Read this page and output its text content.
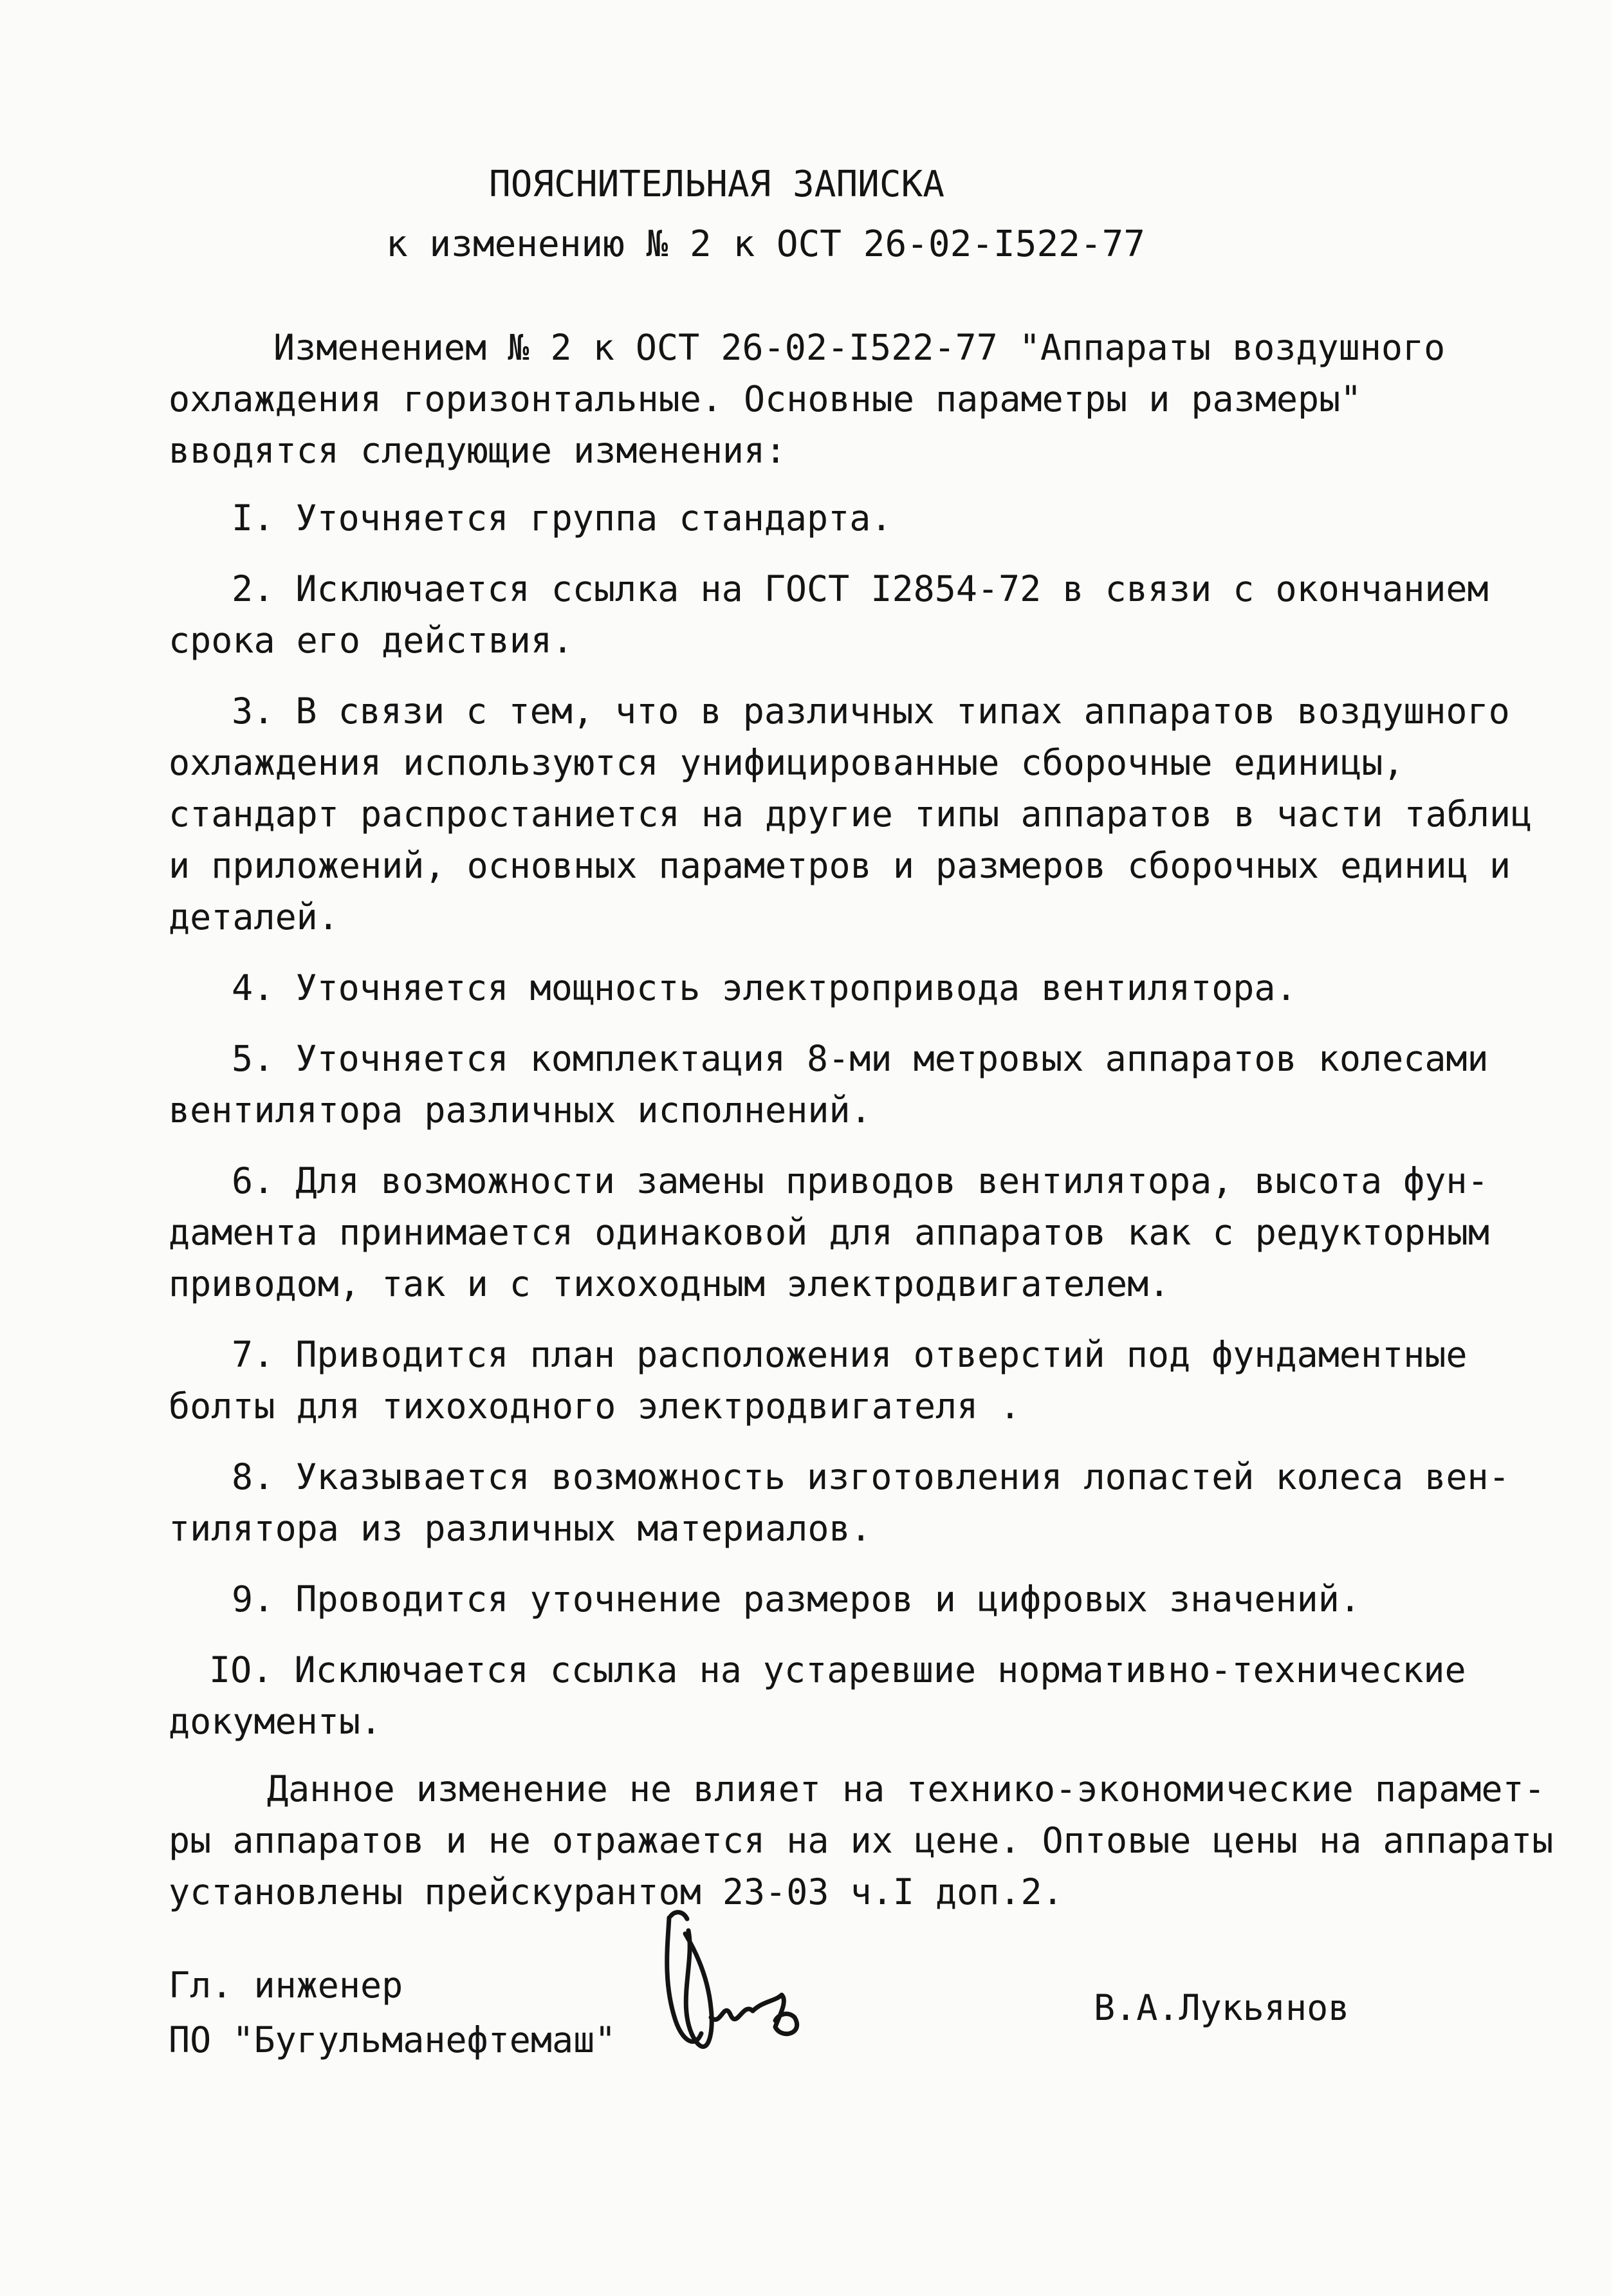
ПОЯСНИТЕЛЬНАЯ ЗАПИСКА
к изменению № 2 к ОСТ 26-02-I522-77
Изменением № 2 к ОСТ 26-02-I522-77 "Аппараты воздушного
охлаждения горизонтальные. Основные параметры и размеры"
вводятся следующие изменения:
I. Уточняется группа стандарта.
2. Исключается ссылка на ГОСТ I2854-72 в связи с окончанием
срока его действия.
3. В связи с тем, что в различных типах аппаратов воздушного
охлаждения используются унифицированные сборочные единицы,
стандарт распростаниется на другие типы аппаратов в части таблиц
и приложений, основных параметров и размеров сборочных единиц и
деталей.
4. Уточняется мощность электропривода вентилятора.
5. Уточняется комплектация 8-ми метровых аппаратов колесами
вентилятора различных исполнений.
6. Для возможности замены приводов вентилятора, высота фун-
дамента принимается одинаковой для аппаратов как с редукторным
приводом, так и с тихоходным электродвигателем.
7. Приводится план расположения отверстий под фундаментные
болты для тихоходного электродвигателя .
8. Указывается возможность изготовления лопастей колеса вен-
тилятора из различных материалов.
9. Проводится уточнение размеров и цифровых значений.
IO. Исключается ссылка на устаревшие нормативно-технические
документы.
Данное изменение не влияет на технико-экономические парамет-
ры аппаратов и не отражается на их цене. Оптовые цены на аппараты
установлены прейскурантом 23-03 ч.I доп.2.
Гл. инженер
ПО "Бугульманефтемаш"
В.А.Лукьянов
